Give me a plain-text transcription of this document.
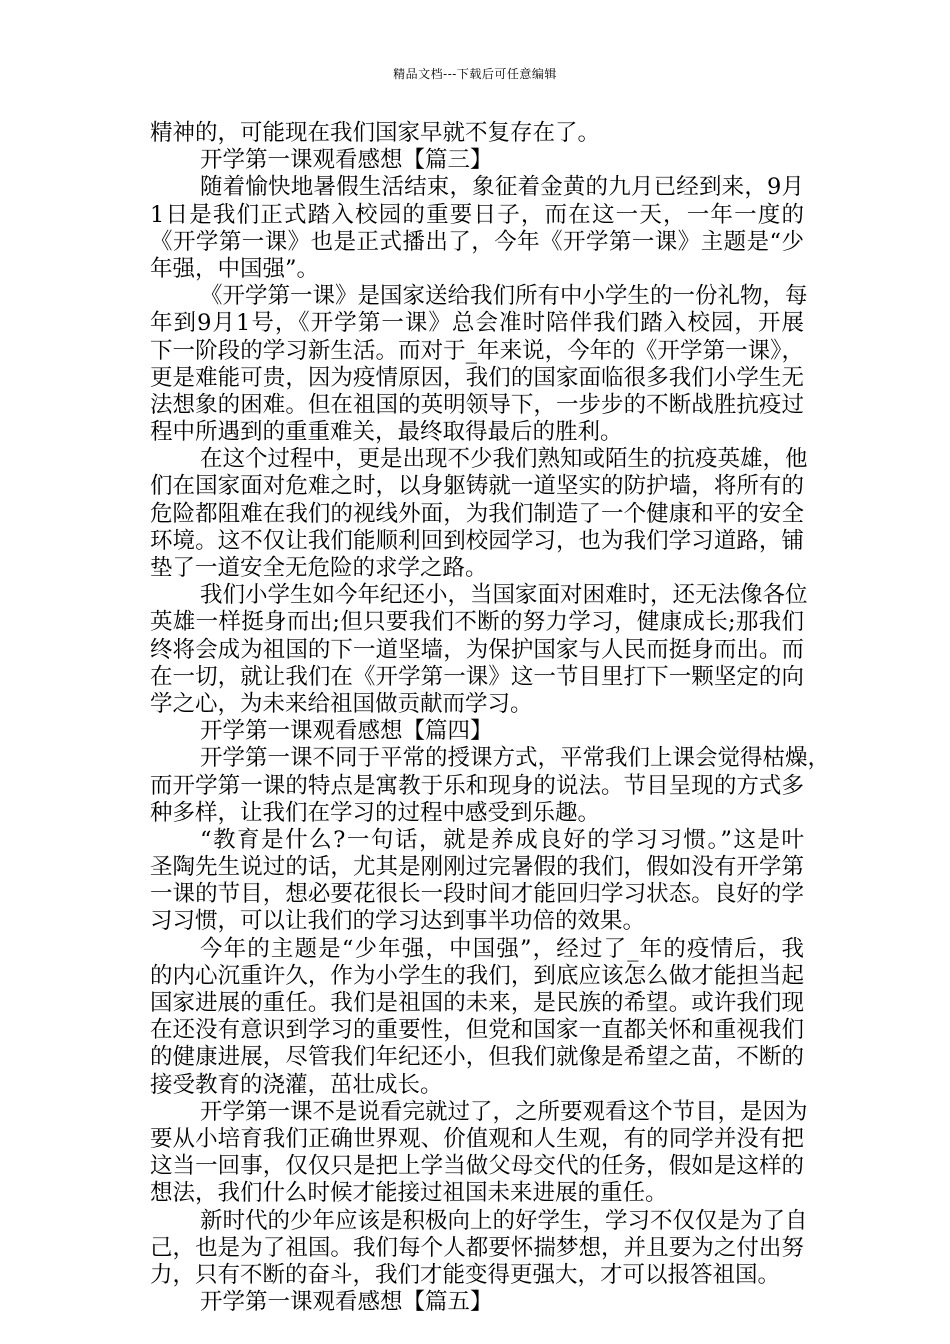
精品文档---下载后可任意编辑
精神的，可能现在我们国家早就不复存在了。
开学第一课观看感想【篇三】
随着愉快地暑假生活结束，象征着金黄的九月已经到来，9月
1日是我们正式踏入校园的重要日子，而在这一天，一年一度的
《开学第一课》也是正式播出了，今年《开学第一课》主题是“少
年强，中国强”。
《开学第一课》是国家送给我们所有中小学生的一份礼物，每
年到9月1号，《开学第一课》总会准时陪伴我们踏入校园，开展
下一阶段的学习新生活。而对于_年来说，今年的《开学第一课》，
更是难能可贵，因为疫情原因，我们的国家面临很多我们小学生无
法想象的困难。但在祖国的英明领导下，一步步的不断战胜抗疫过
程中所遇到的重重难关，最终取得最后的胜利。
在这个过程中，更是出现不少我们熟知或陌生的抗疫英雄，他
们在国家面对危难之时，以身躯铸就一道坚实的防护墙，将所有的
危险都阻难在我们的视线外面，为我们制造了一个健康和平的安全
环境。这不仅让我们能顺利回到校园学习，也为我们学习道路，铺
垫了一道安全无危险的求学之路。
我们小学生如今年纪还小，当国家面对困难时，还无法像各位
英雄一样挺身而出;但只要我们不断的努力学习，健康成长;那我们
终将会成为祖国的下一道坚墙，为保护国家与人民而挺身而出。而
在一切，就让我们在《开学第一课》这一节目里打下一颗坚定的向
学之心，为未来给祖国做贡献而学习。
开学第一课观看感想【篇四】
开学第一课不同于平常的授课方式，平常我们上课会觉得枯燥，
而开学第一课的特点是寓教于乐和现身的说法。节目呈现的方式多
种多样，让我们在学习的过程中感受到乐趣。
“教育是什么?一句话，就是养成良好的学习习惯。”这是叶
圣陶先生说过的话，尤其是刚刚过完暑假的我们，假如没有开学第
一课的节目，想必要花很长一段时间才能回归学习状态。良好的学
习习惯，可以让我们的学习达到事半功倍的效果。
今年的主题是“少年强，中国强”，经过了_年的疫情后，我
的内心沉重许久，作为小学生的我们，到底应该怎么做才能担当起
国家进展的重任。我们是祖国的未来，是民族的希望。或许我们现
在还没有意识到学习的重要性，但党和国家一直都关怀和重视我们
的健康进展，尽管我们年纪还小，但我们就像是希望之苗，不断的
接受教育的浇灌，茁壮成长。
开学第一课不是说看完就过了，之所要观看这个节目，是因为
要从小培育我们正确世界观、价值观和人生观，有的同学并没有把
这当一回事，仅仅只是把上学当做父母交代的任务，假如是这样的
想法，我们什么时候才能接过祖国未来进展的重任。
新时代的少年应该是积极向上的好学生，学习不仅仅是为了自
己，也是为了祖国。我们每个人都要怀揣梦想，并且要为之付出努
力，只有不断的奋斗，我们才能变得更强大，才可以报答祖国。
开学第一课观看感想【篇五】
